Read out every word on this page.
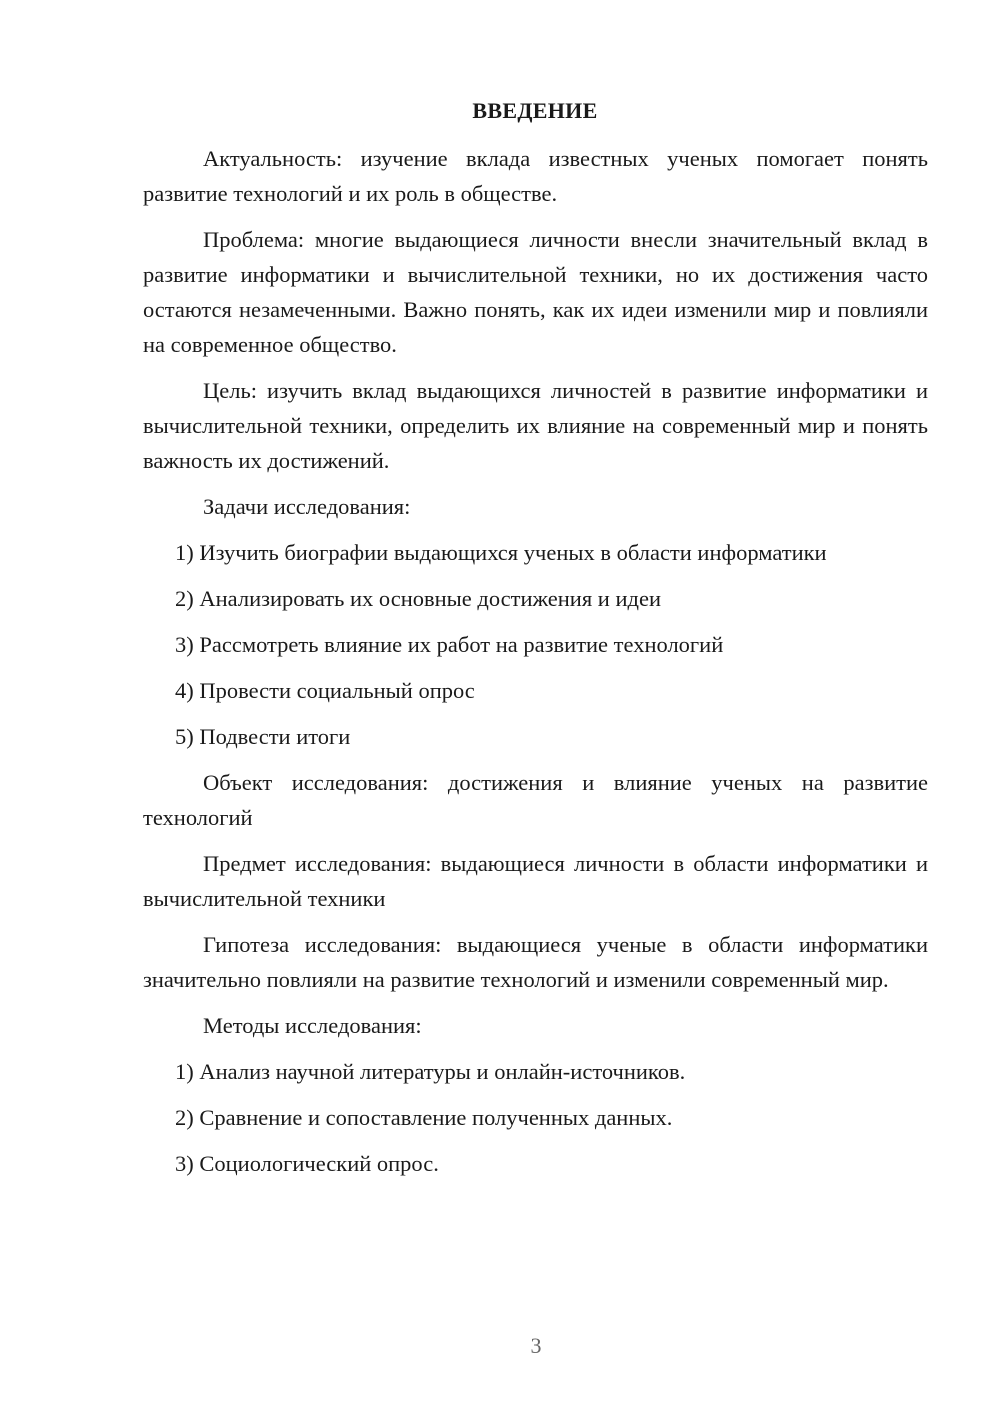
ВВЕДЕНИЕ

Актуальность: изучение вклада известных ученых помогает понять развитие технологий и их роль в обществе.

Проблема: многие выдающиеся личности внесли значительный вклад в развитие информатики и вычислительной техники, но их достижения часто остаются незамеченными. Важно понять, как их идеи изменили мир и повлияли на современное общество.

Цель: изучить вклад выдающихся личностей в развитие информатики и вычислительной техники, определить их влияние на современный мир и понять важность их достижений.

Задачи исследования:

1) Изучить биографии выдающихся ученых в области информатики

2) Анализировать их основные достижения и идеи

3) Рассмотреть влияние их работ на развитие технологий

4) Провести социальный опрос

5) Подвести итоги

Объект исследования: достижения и влияние ученых на развитие технологий

Предмет исследования: выдающиеся личности в области информатики и вычислительной техники

Гипотеза исследования: выдающиеся ученые в области информатики значительно повлияли на развитие технологий и изменили современный мир.

Методы исследования:

1) Анализ научной литературы и онлайн-источников.

2) Сравнение и сопоставление полученных данных.

3) Социологический опрос.

3
